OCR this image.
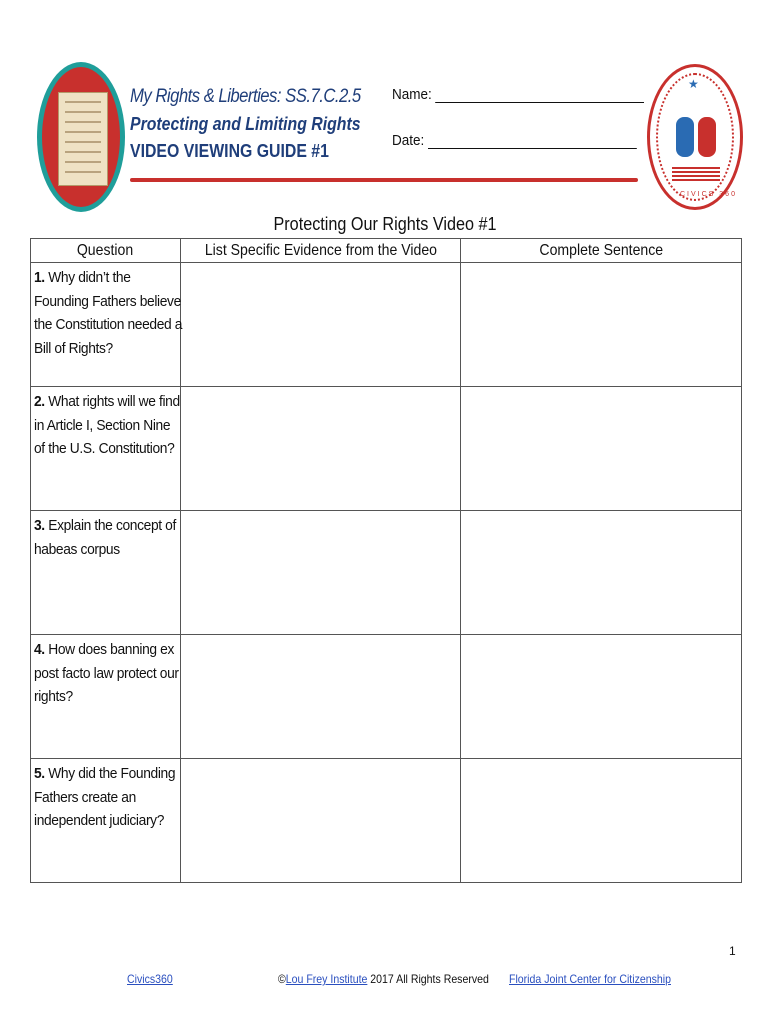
My Rights & Liberties: SS.7.C.2.5
Protecting and Limiting Rights
VIDEO VIEWING GUIDE #1
Name:
Date:
★
CIVICS 360
Protecting Our Rights Video #1
Question	List Specific Evidence from the Video	Complete Sentence

1. Why didn’t the Founding Fathers believe the Constitution needed a Bill of Rights?		

2. What rights will we find in Article I, Section Nine of the U.S. Constitution?		

3. Explain the concept of habeas corpus		

4. How does banning ex post facto law protect our rights?		

5. Why did the Founding Fathers create an independent judiciary?		

1
Civics360	©Lou Frey Institute 2017 All Rights Reserved Florida Joint Center for Citizenship
